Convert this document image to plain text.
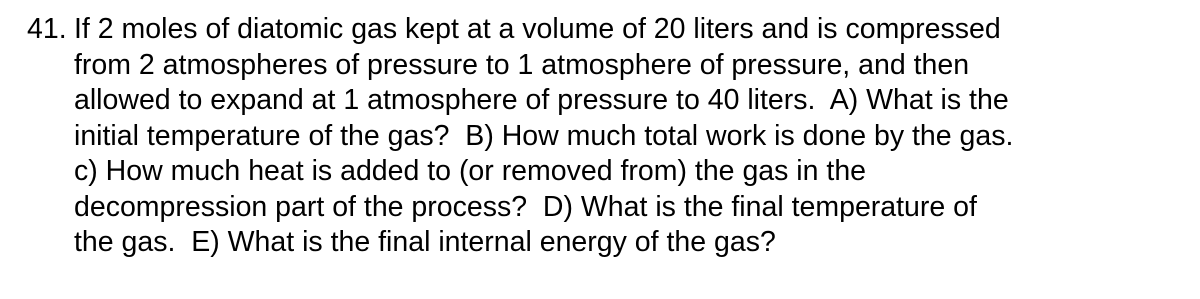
41. If 2 moles of diatomic gas kept at a volume of 20 liters and is compressed
from 2 atmospheres of pressure to 1 atmosphere of pressure, and then
allowed to expand at 1 atmosphere of pressure to 40 liters.  A) What is the
initial temperature of the gas?  B) How much total work is done by the gas.
c) How much heat is added to (or removed from) the gas in the
decompression part of the process?  D) What is the final temperature of
the gas.  E) What is the final internal energy of the gas?
